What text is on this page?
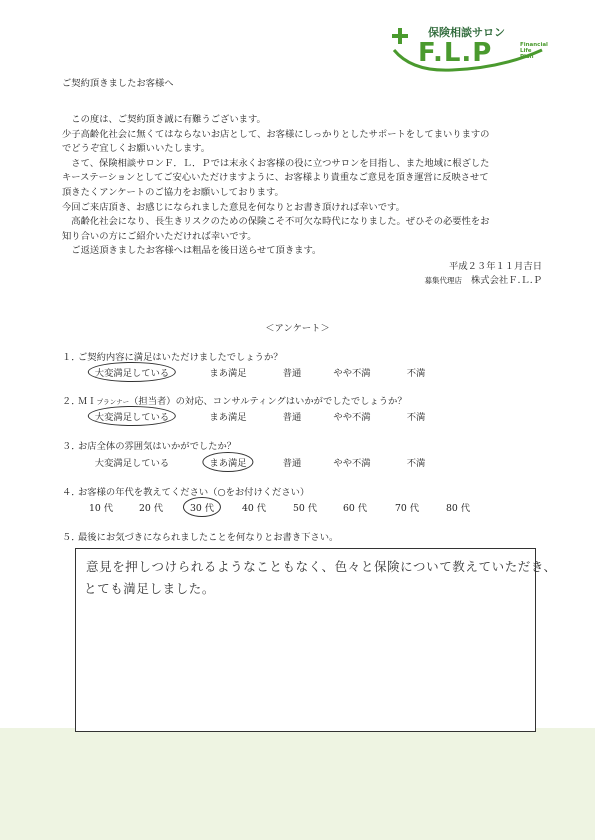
保険相談サロン
F.L.P	Financial
Life
Plan
ご契約頂きましたお客様へ

　この度は、ご契約頂き誠に有難うございます。

少子高齢化社会に無くてはならないお店として、お客様にしっかりとしたサポートをしてまいりますの

でどうぞ宜しくお願いいたします。

　さて、保険相談サロンＦ．Ｌ．Ｐでは末永くお客様の役に立つサロンを目指し、また地域に根ざした

キーステーションとしてご安心いただけますように、お客様より貴重なご意見を頂き運営に反映させて

頂きたくアンケートのご協力をお願いしております。

今回ご来店頂き、お感じになられました意見を何なりとお書き頂ければ幸いです。

　高齢化社会になり、長生きリスクのための保険こそ不可欠な時代になりました。ぜひその必要性をお

知り合いの方にご紹介いただければ幸いです。

　ご返送頂きましたお客様へは粗品を後日送らせて頂きます。

平成２３年１１月吉日
募集代理店 株式会社Ｆ.Ｌ.Ｐ
＜アンケート＞
１．ご契約内容に満足はいただけましたでしょうか？
大変満足している	まあ満足	普通	やや不満	不満
２．ＭＩプランナー（担当者）の対応、コンサルティングはいかがでしたでしょうか？
大変満足している	まあ満足	普通	やや不満	不満
３．お店全体の雰囲気はいかがでしたか？
大変満足している	まあ満足	普通	やや不満	不満
４．お客様の年代を教えてください（○をお付けください）
10 代	20 代	30 代	40 代	50 代	60 代	70 代	80 代
５．最後にお気づきになられましたことを何なりとお書き下さい。
意見を押しつけられるようなこともなく、色々と保険について教えていただき、
とても満足しました。
